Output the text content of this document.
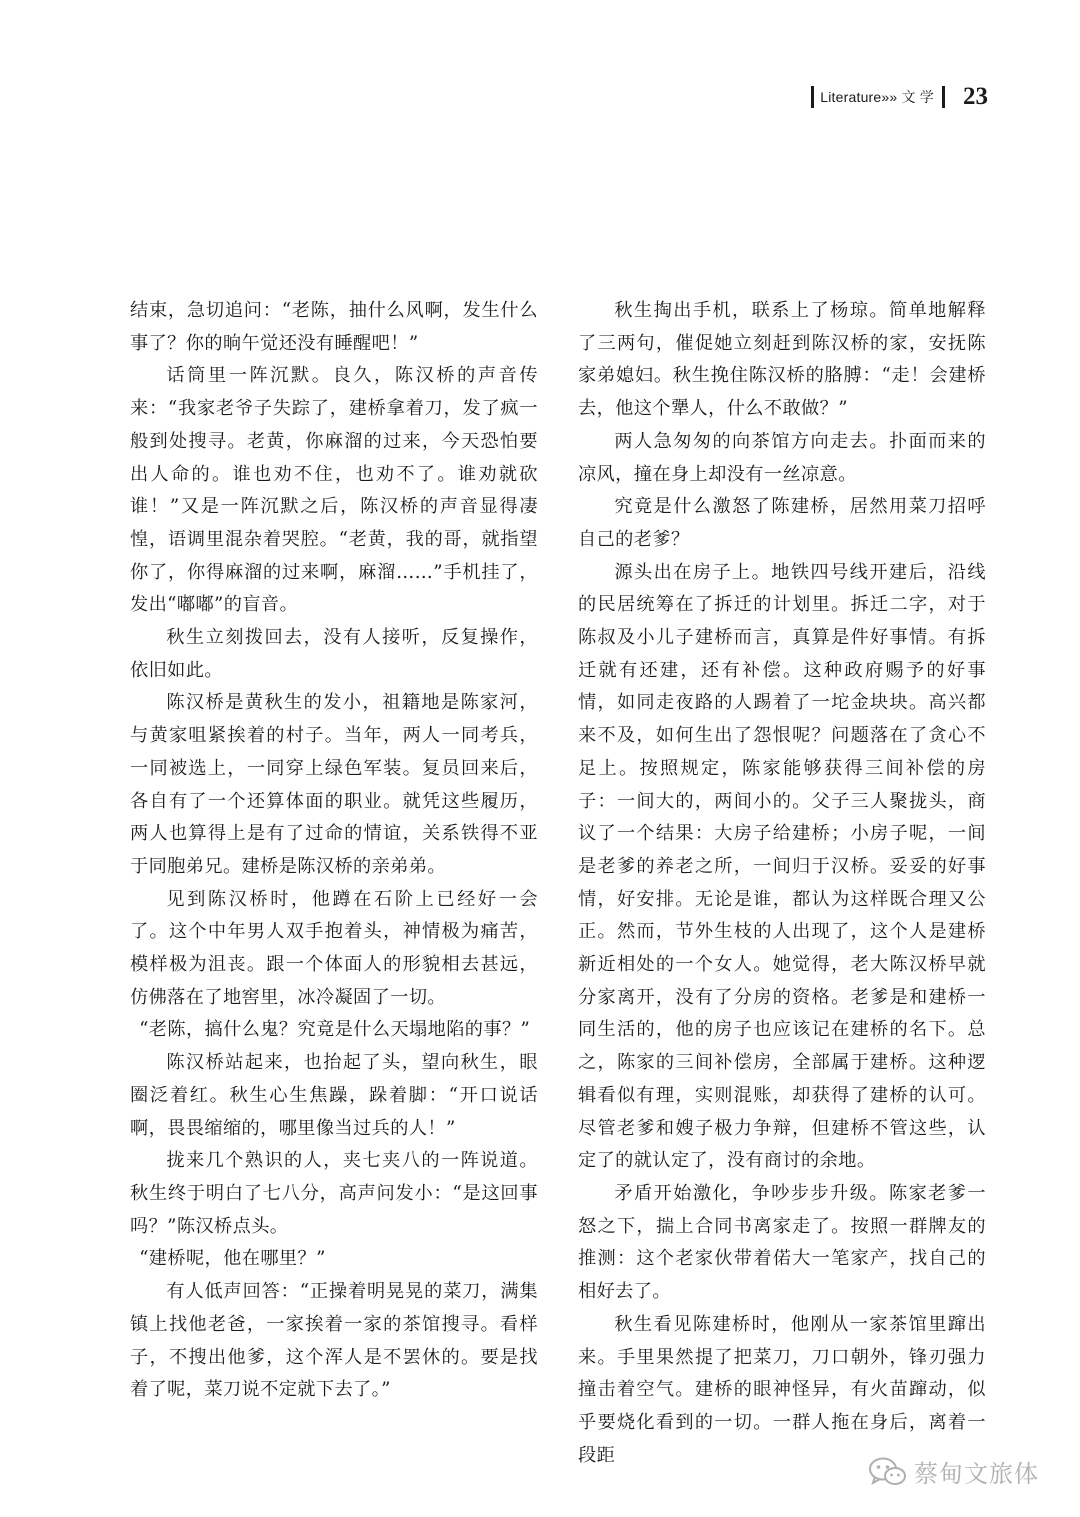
Literature»» 文 学 23

结束，急切追问：“老陈，抽什么风啊，发生什么事了？你的晌午觉还没有睡醒吧！”

话筒里一阵沉默。良久，陈汉桥的声音传来：“我家老爷子失踪了，建桥拿着刀，发了疯一般到处搜寻。老黄，你麻溜的过来，今天恐怕要出人命的。谁也劝不住，也劝不了。谁劝就砍谁！”又是一阵沉默之后，陈汉桥的声音显得凄惶，语调里混杂着哭腔。“老黄，我的哥，就指望你了，你得麻溜的过来啊，麻溜……”手机挂了，发出“嘟嘟”的盲音。

秋生立刻拨回去，没有人接听，反复操作，依旧如此。

陈汉桥是黄秋生的发小，祖籍地是陈家河，与黄家咀紧挨着的村子。当年，两人一同考兵，一同被选上，一同穿上绿色军装。复员回来后，各自有了一个还算体面的职业。就凭这些履历，两人也算得上是有了过命的情谊，关系铁得不亚于同胞弟兄。建桥是陈汉桥的亲弟弟。

见到陈汉桥时，他蹲在石阶上已经好一会了。这个中年男人双手抱着头，神情极为痛苦，模样极为沮丧。跟一个体面人的形貌相去甚远，仿佛落在了地窖里，冰冷凝固了一切。

“老陈，搞什么鬼？究竟是什么天塌地陷的事？”

陈汉桥站起来，也抬起了头，望向秋生，眼圈泛着红。秋生心生焦躁，跺着脚：“开口说话啊，畏畏缩缩的，哪里像当过兵的人！”

拢来几个熟识的人，夹七夹八的一阵说道。秋生终于明白了七八分，高声问发小：“是这回事吗？”陈汉桥点头。

“建桥呢，他在哪里？”

有人低声回答：“正操着明晃晃的菜刀，满集镇上找他老爸，一家挨着一家的茶馆搜寻。看样子，不搜出他爹，这个浑人是不罢休的。要是找着了呢，菜刀说不定就下去了。”

秋生掏出手机，联系上了杨琼。简单地解释了三两句，催促她立刻赶到陈汉桥的家，安抚陈家弟媳妇。秋生挽住陈汉桥的胳膊：“走！会建桥去，他这个犟人，什么不敢做？”

两人急匆匆的向茶馆方向走去。扑面而来的凉风，撞在身上却没有一丝凉意。

究竟是什么激怒了陈建桥，居然用菜刀招呼自己的老爹？

源头出在房子上。地铁四号线开建后，沿线的民居统筹在了拆迁的计划里。拆迁二字，对于陈叔及小儿子建桥而言，真算是件好事情。有拆迁就有还建，还有补偿。这种政府赐予的好事情，如同走夜路的人踢着了一坨金块块。高兴都来不及，如何生出了怨恨呢？问题落在了贪心不足上。按照规定，陈家能够获得三间补偿的房子：一间大的，两间小的。父子三人聚拢头，商议了一个结果：大房子给建桥；小房子呢，一间是老爹的养老之所，一间归于汉桥。妥妥的好事情，好安排。无论是谁，都认为这样既合理又公正。然而，节外生枝的人出现了，这个人是建桥新近相处的一个女人。她觉得，老大陈汉桥早就分家离开，没有了分房的资格。老爹是和建桥一同生活的，他的房子也应该记在建桥的名下。总之，陈家的三间补偿房，全部属于建桥。这种逻辑看似有理，实则混账，却获得了建桥的认可。尽管老爹和嫂子极力争辩，但建桥不管这些，认定了的就认定了，没有商讨的余地。

矛盾开始激化，争吵步步升级。陈家老爹一怒之下，揣上合同书离家走了。按照一群牌友的推测：这个老家伙带着偌大一笔家产，找自己的相好去了。

秋生看见陈建桥时，他刚从一家茶馆里蹿出来。手里果然提了把菜刀，刀口朝外，锋刃强力撞击着空气。建桥的眼神怪异，有火苗蹿动，似乎要烧化看到的一切。一群人拖在身后，离着一段距

蔡甸文旅体
